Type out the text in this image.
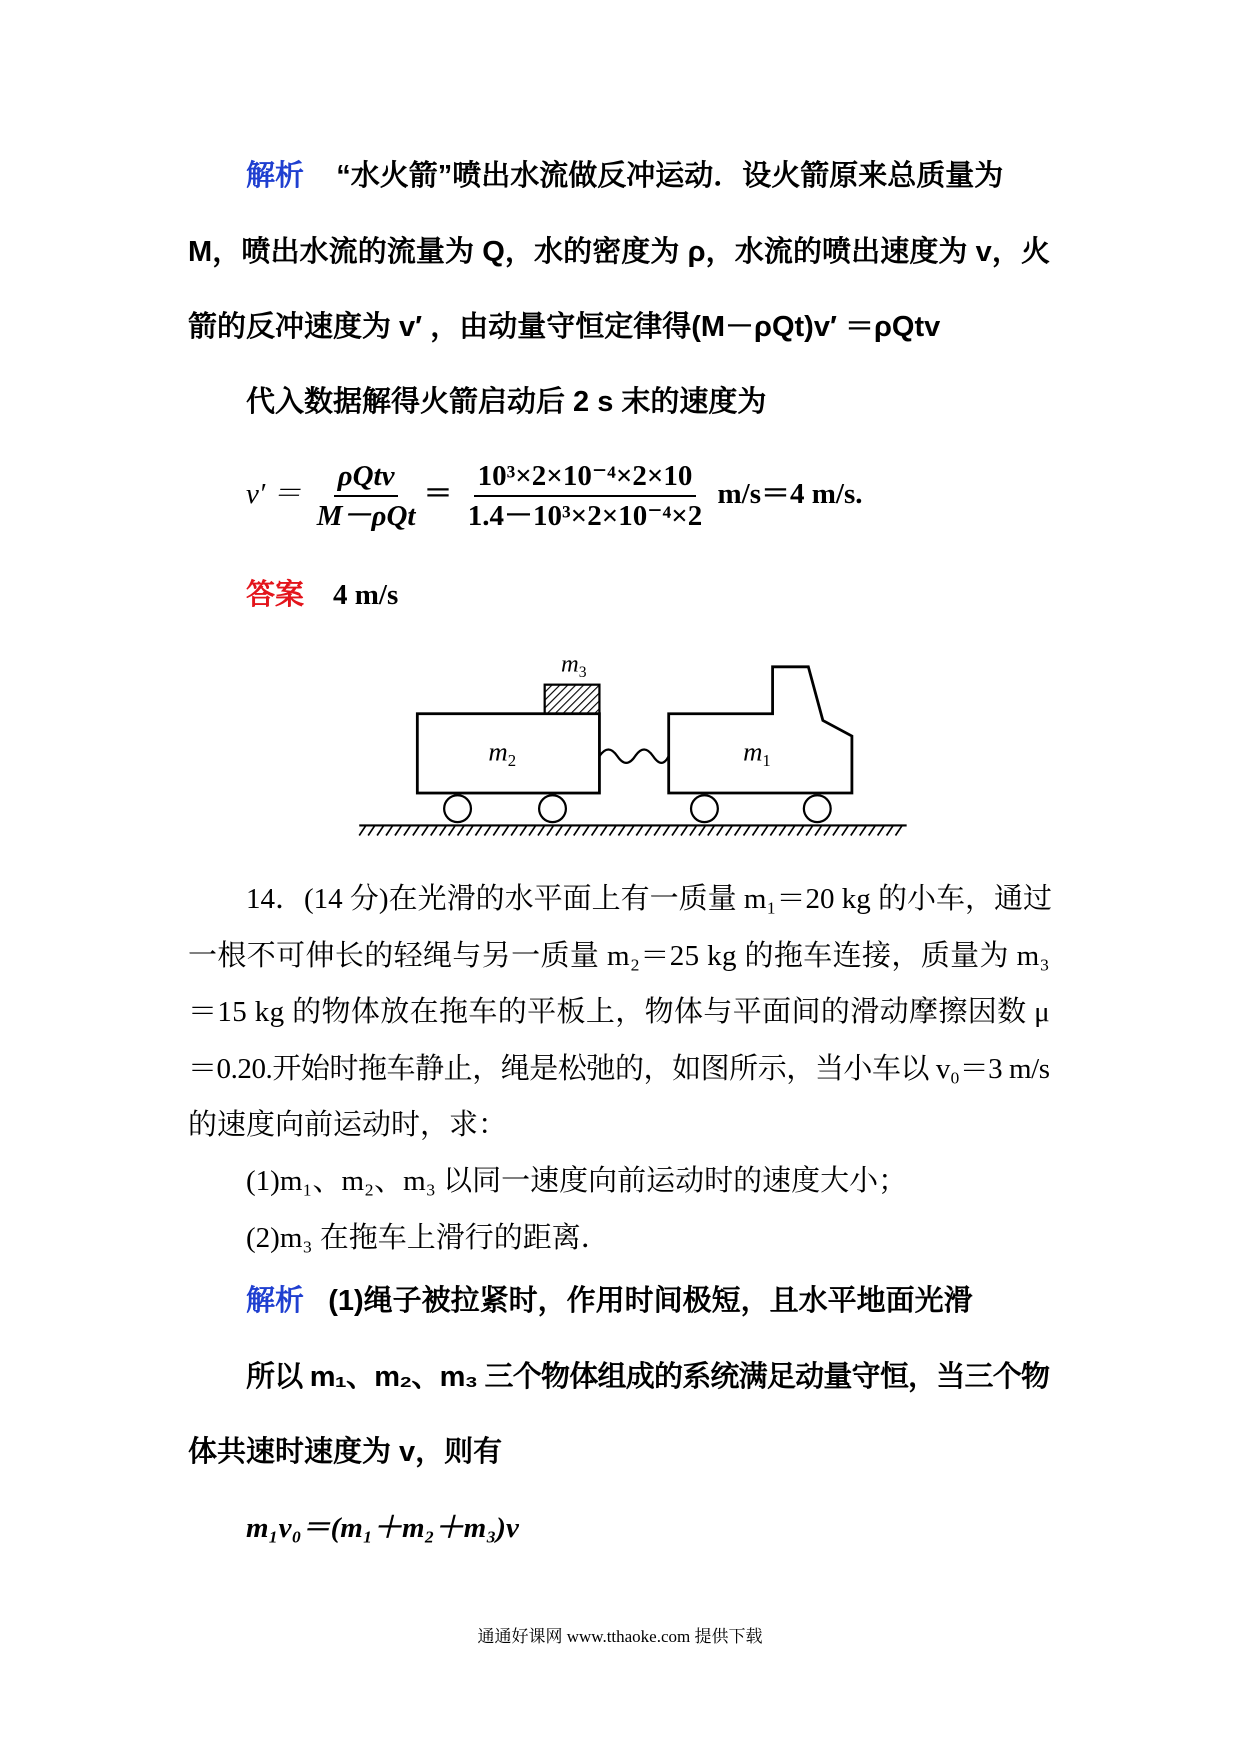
解析 “水火箭”喷出水流做反冲运动．设火箭原来总质量为
M，喷出水流的流量为 Q，水的密度为 ρ，水流的喷出速度为 v，火
箭的反冲速度为 v′ ，由动量守恒定律得(M－ρQt)v′ ＝ρQtv
代入数据解得火箭启动后 2 s 末的速度为
$v' = \frac{\text{ρQtv}}{\text{M－ρQt}} = \frac{\text{10³×2×10⁻⁴×2×10}}{\text{1.4－10³×2×10⁻⁴×2}} m/s=4$ m/s.
答案 4 m/s
$m_3$
$m_2$	$m_1$
14．(14 分)在光滑的水平面上有一质量 m₁＝20 kg 的小车，通过
一根不可伸长的轻绳与另一质量 m₂＝25 kg 的拖车连接，质量为 m₃
＝15 kg 的物体放在拖车的平板上，物体与平面间的滑动摩擦因数 μ
＝0.20.开始时拖车静止，绳是松弛的，如图所示，当小车以 v₀＝3 m/s
的速度向前运动时，求：
(1)m₁、m₂、m₃ 以同一速度向前运动时的速度大小；
(2)m₃ 在拖车上滑行的距离．
解析 (1)绳子被拉紧时，作用时间极短，且水平地面光滑
所以 m₁、m₂、m₃ 三个物体组成的系统满足动量守恒，当三个物
体共速时速度为 v，则有
m₁v₀＝(m₁＋m₂＋m₃)v
通通好课网 www.tthaoke.com 提供下载
